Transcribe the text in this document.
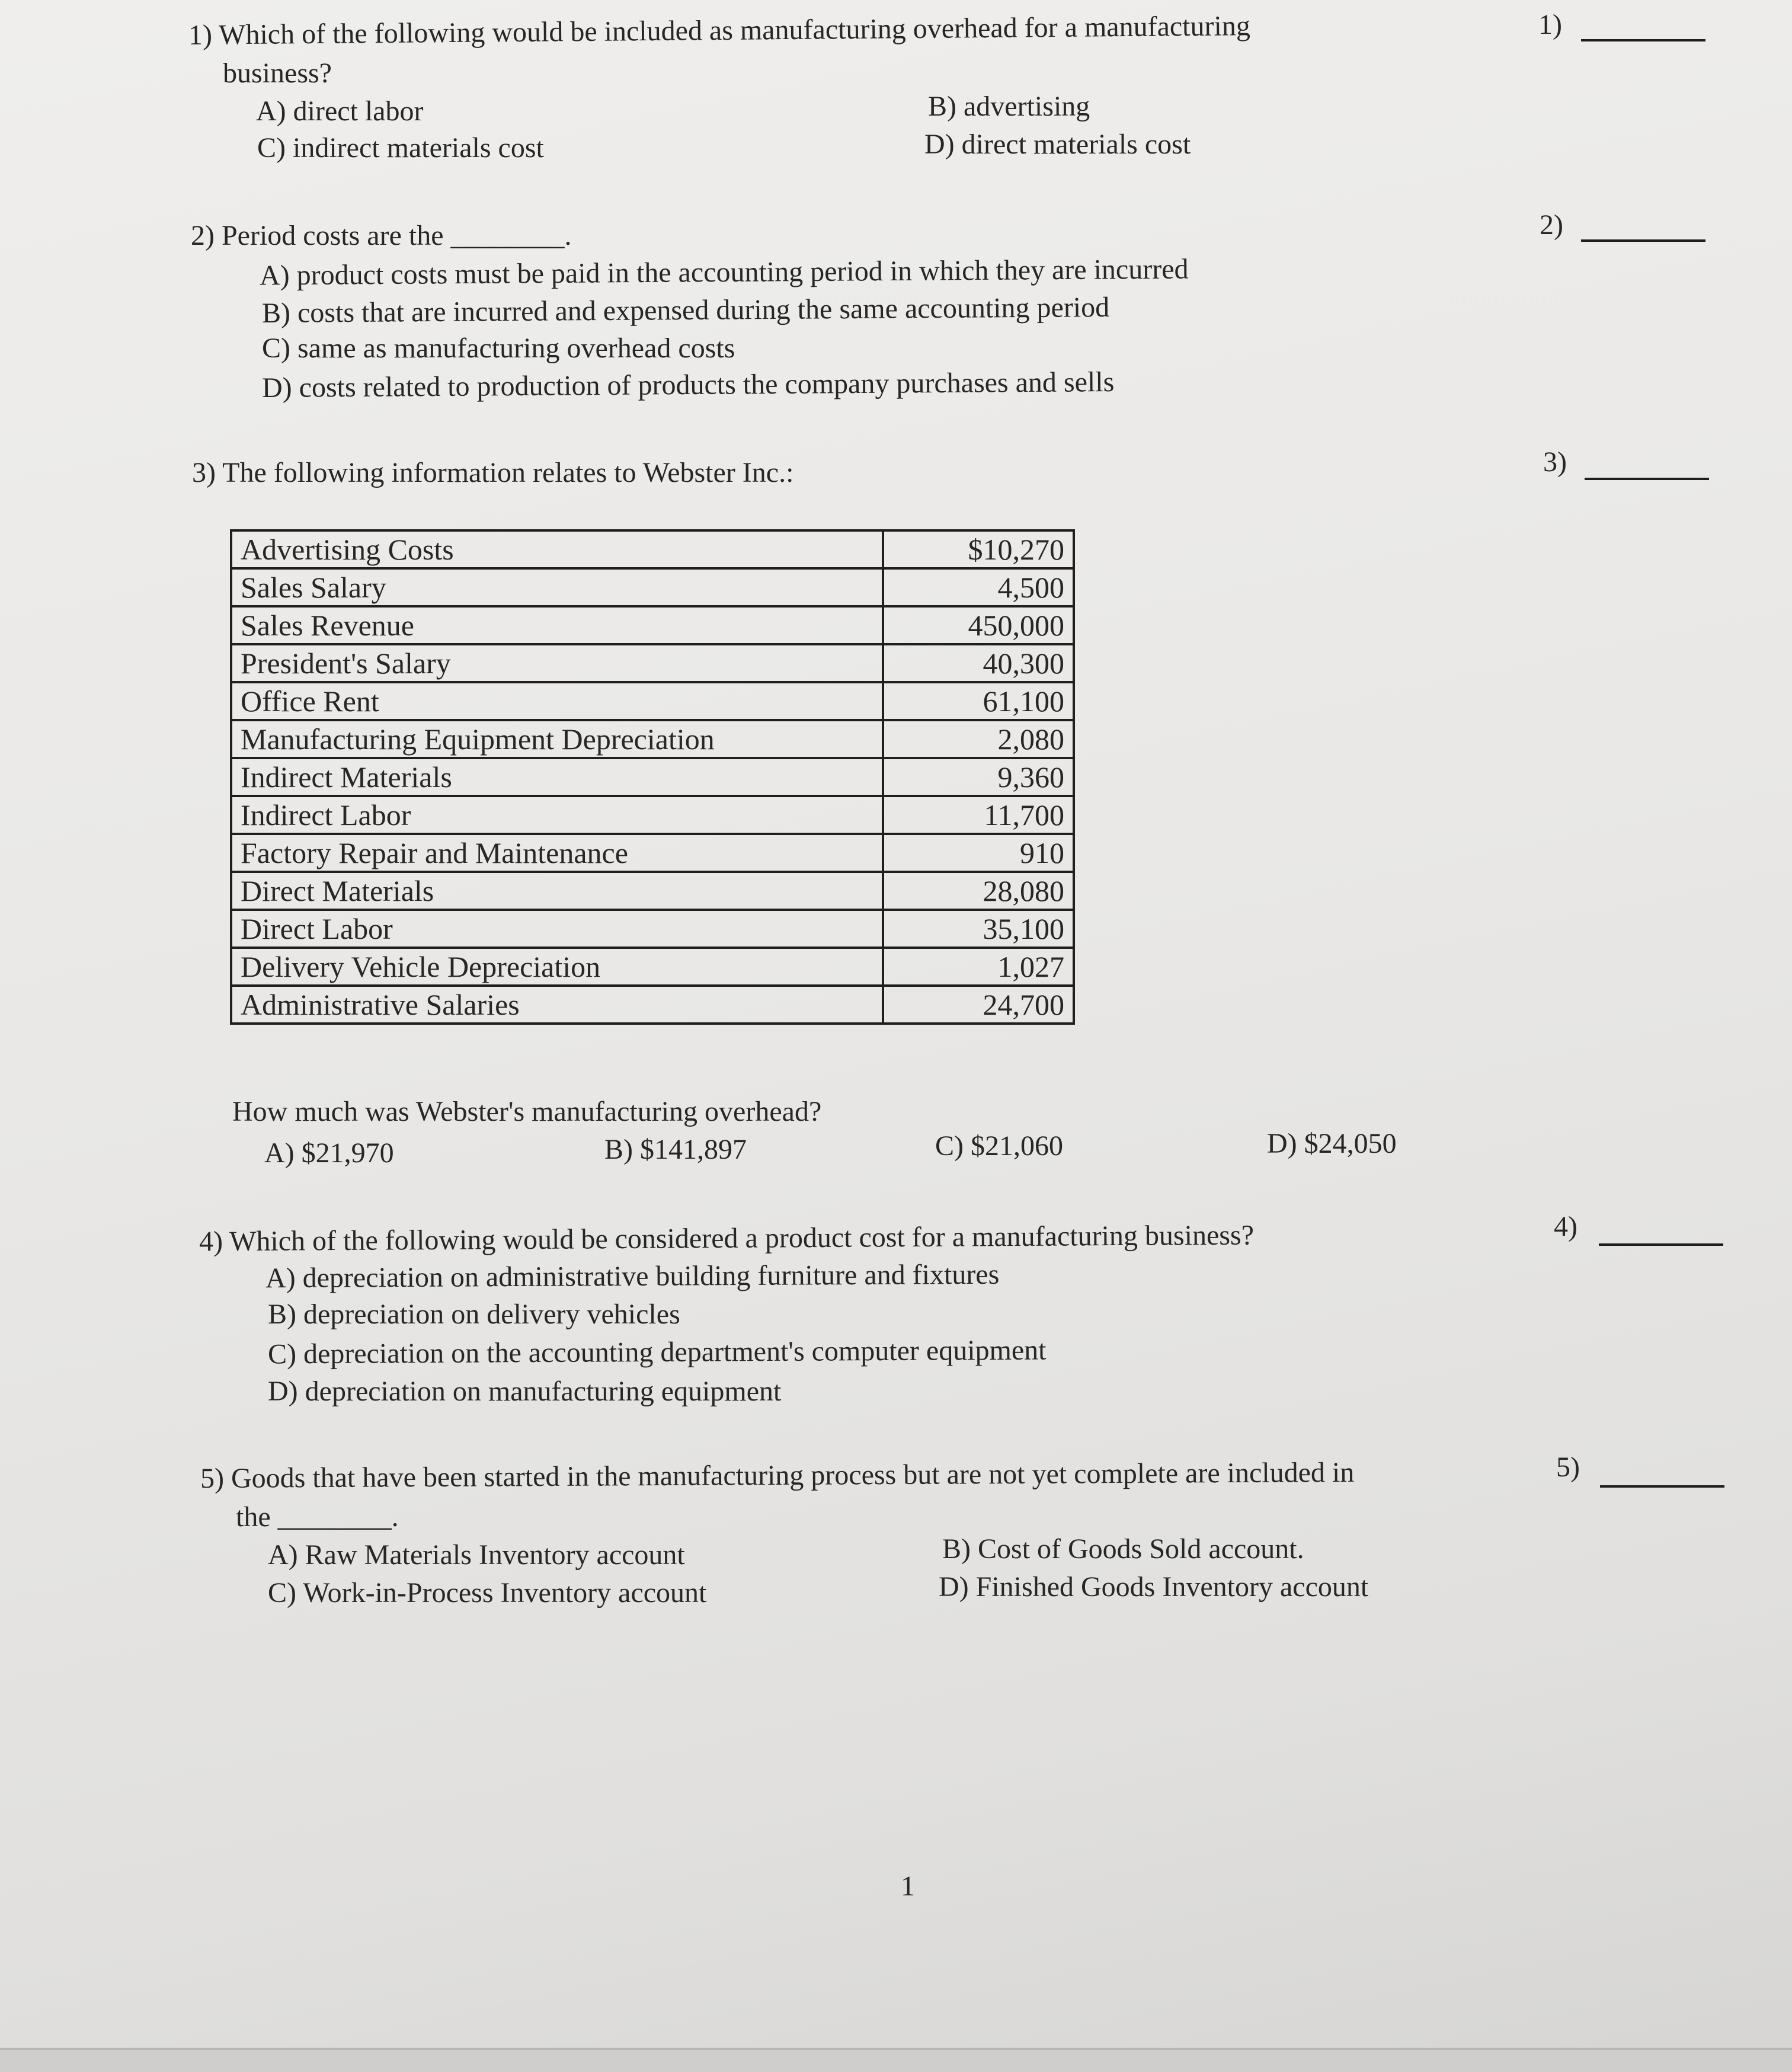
1) Which of the following would be included as manufacturing overhead for a manufacturing
business?
A) direct labor	B) advertising
C) indirect materials cost	D) direct materials cost
1)
2) Period costs are the ________.
A) product costs must be paid in the accounting period in which they are incurred
B) costs that are incurred and expensed during the same accounting period
C) same as manufacturing overhead costs
D) costs related to production of products the company purchases and sells
2)
3) The following information relates to Webster Inc.:	3)
Advertising Costs	$10,270
Sales Salary	4,500
Sales Revenue	450,000
President's Salary	40,300
Office Rent	61,100
Manufacturing Equipment Depreciation	2,080
Indirect Materials	9,360
Indirect Labor	11,700
Factory Repair and Maintenance	910
Direct Materials	28,080
Direct Labor	35,100
Delivery Vehicle Depreciation	1,027
Administrative Salaries	24,700
How much was Webster's manufacturing overhead?
A) $21,970	B) $141,897	C) $21,060	D) $24,050
4) Which of the following would be considered a product cost for a manufacturing business?
A) depreciation on administrative building furniture and fixtures
B) depreciation on delivery vehicles
C) depreciation on the accounting department's computer equipment
D) depreciation on manufacturing equipment
4)
5) Goods that have been started in the manufacturing process but are not yet complete are included in
the ________.
A) Raw Materials Inventory account	B) Cost of Goods Sold account.
C) Work-in-Process Inventory account	D) Finished Goods Inventory account
5)
1
